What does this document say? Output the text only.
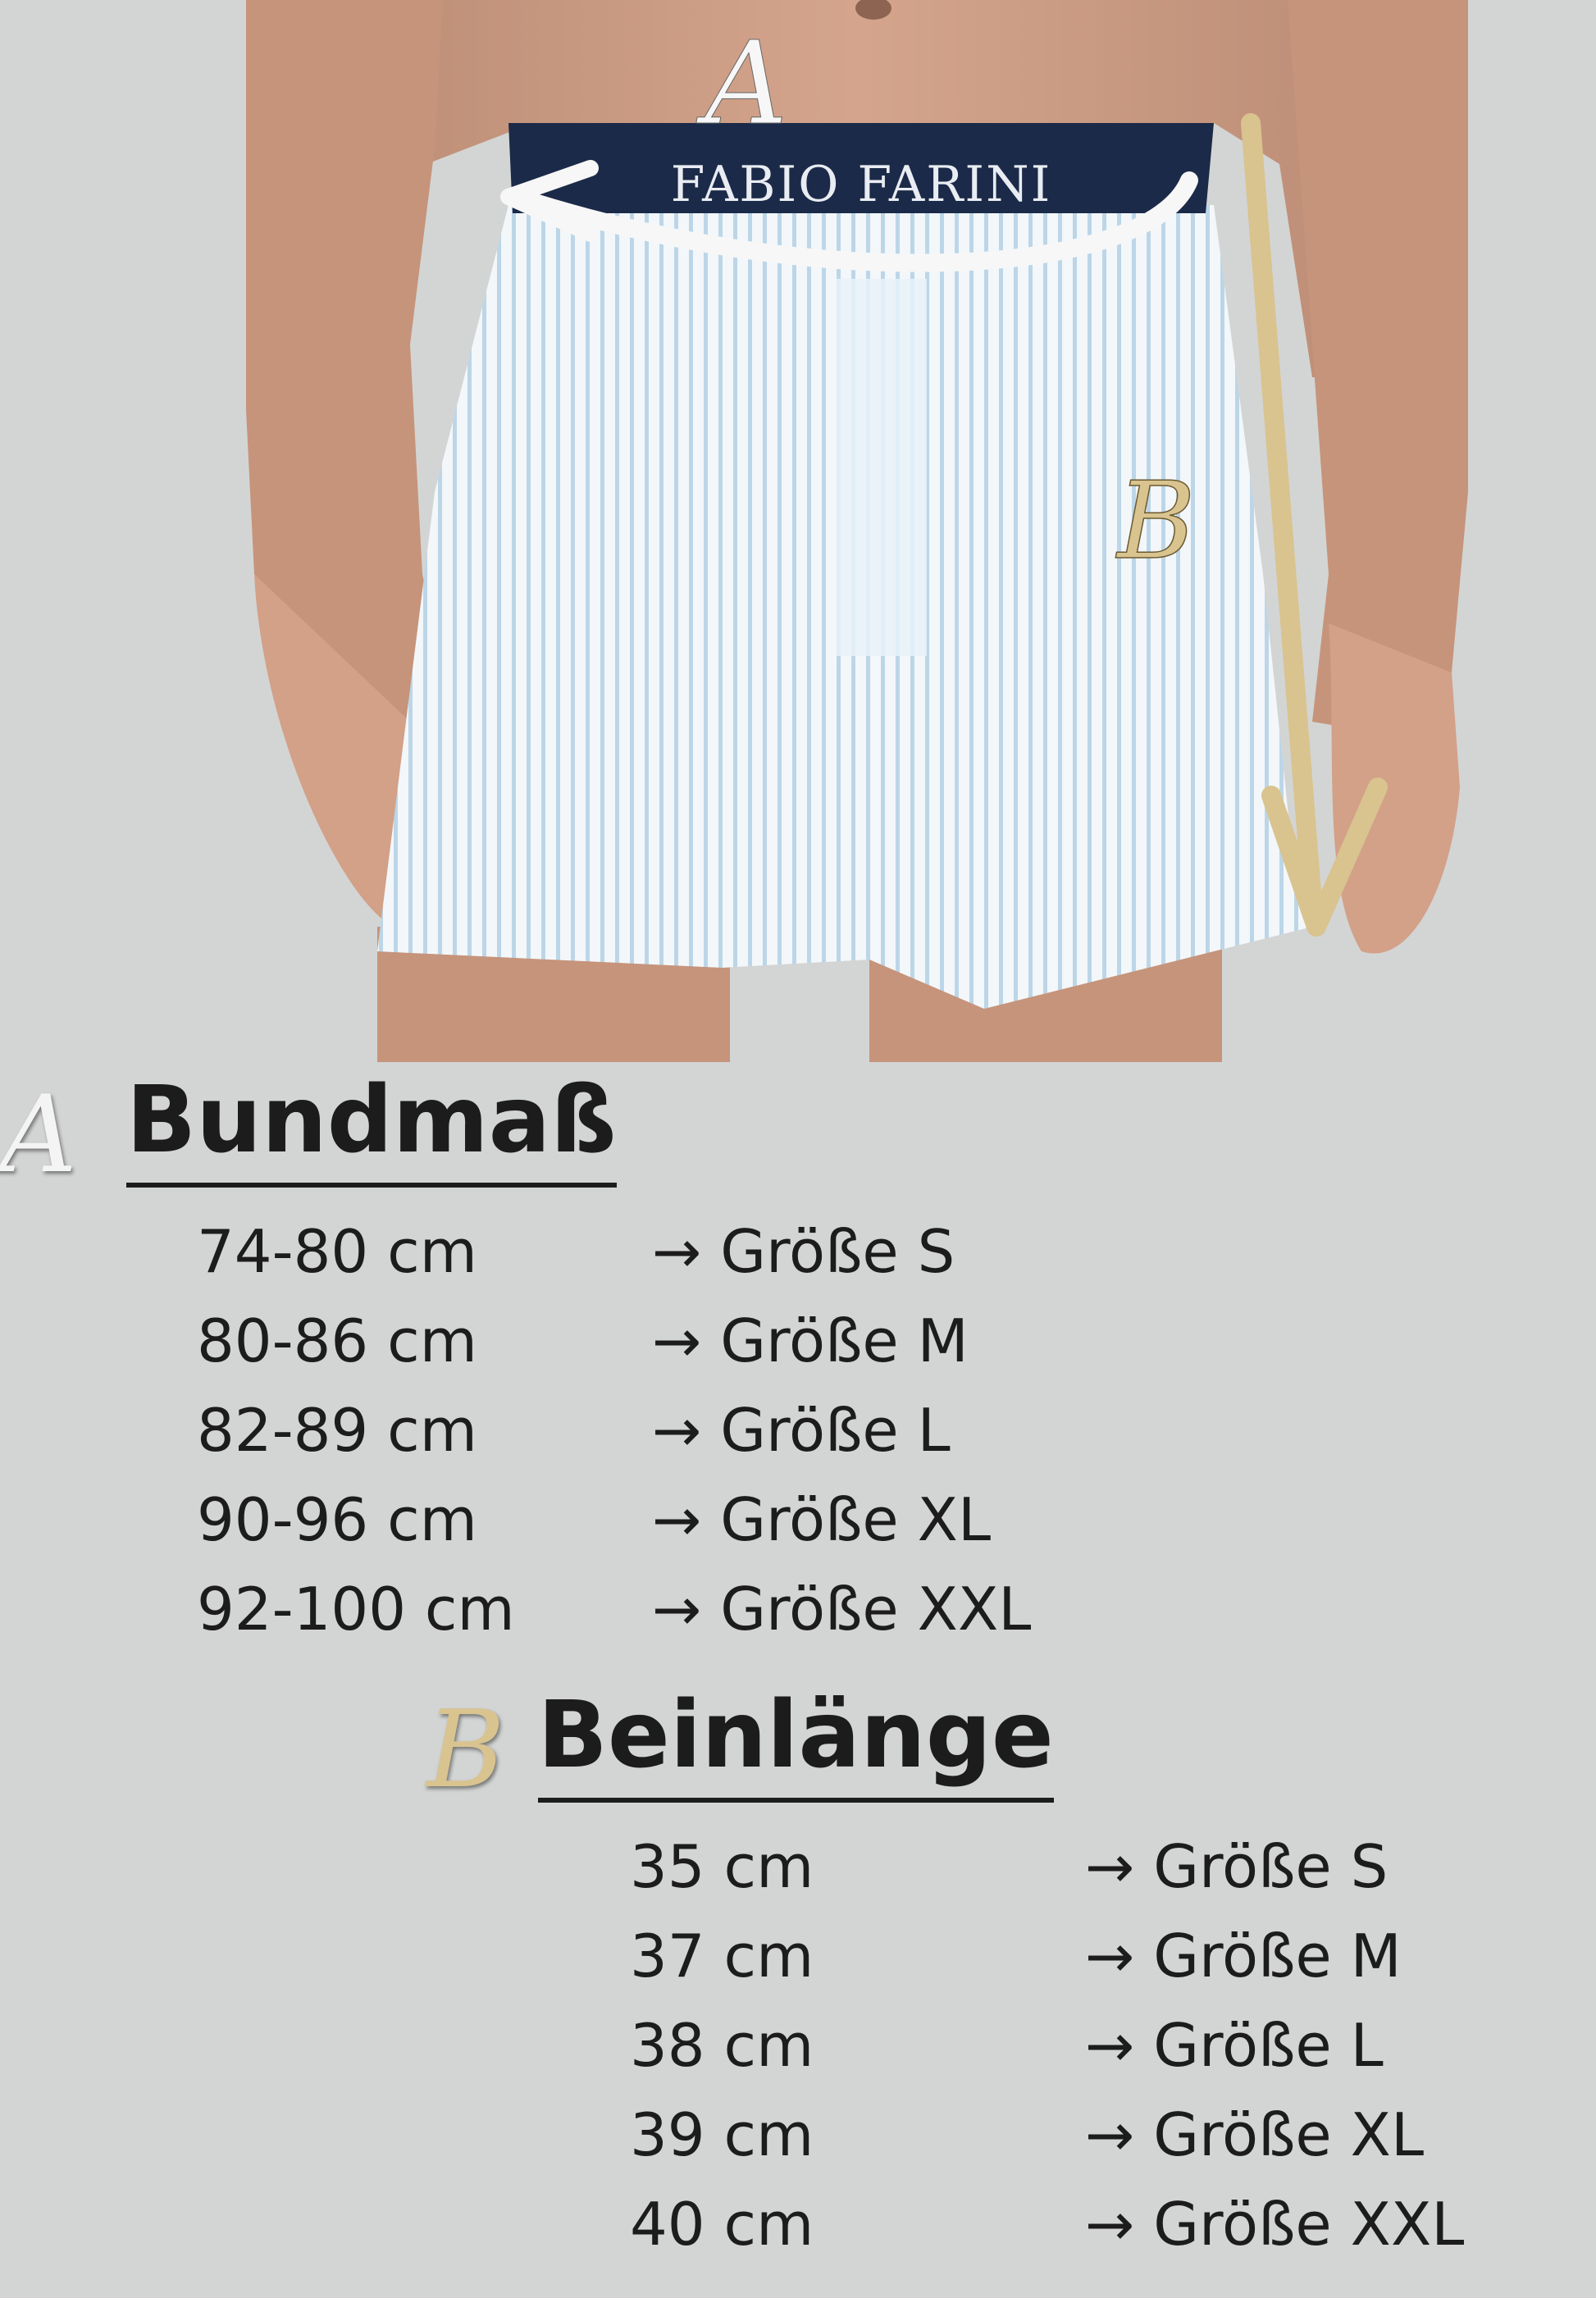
FABIO FARINI
A
B
A Bundmaß
74-80 cm	→ Größe S
80-86 cm	→ Größe M
82-89 cm	→ Größe L
90-96 cm	→ Größe XL
92-100 cm → Größe XXL
B Beinlänge
35 cm	→ Größe S
37 cm	→ Größe M
38 cm	→ Größe L
39 cm	→ Größe XL
40 cm	→ Größe XXL
